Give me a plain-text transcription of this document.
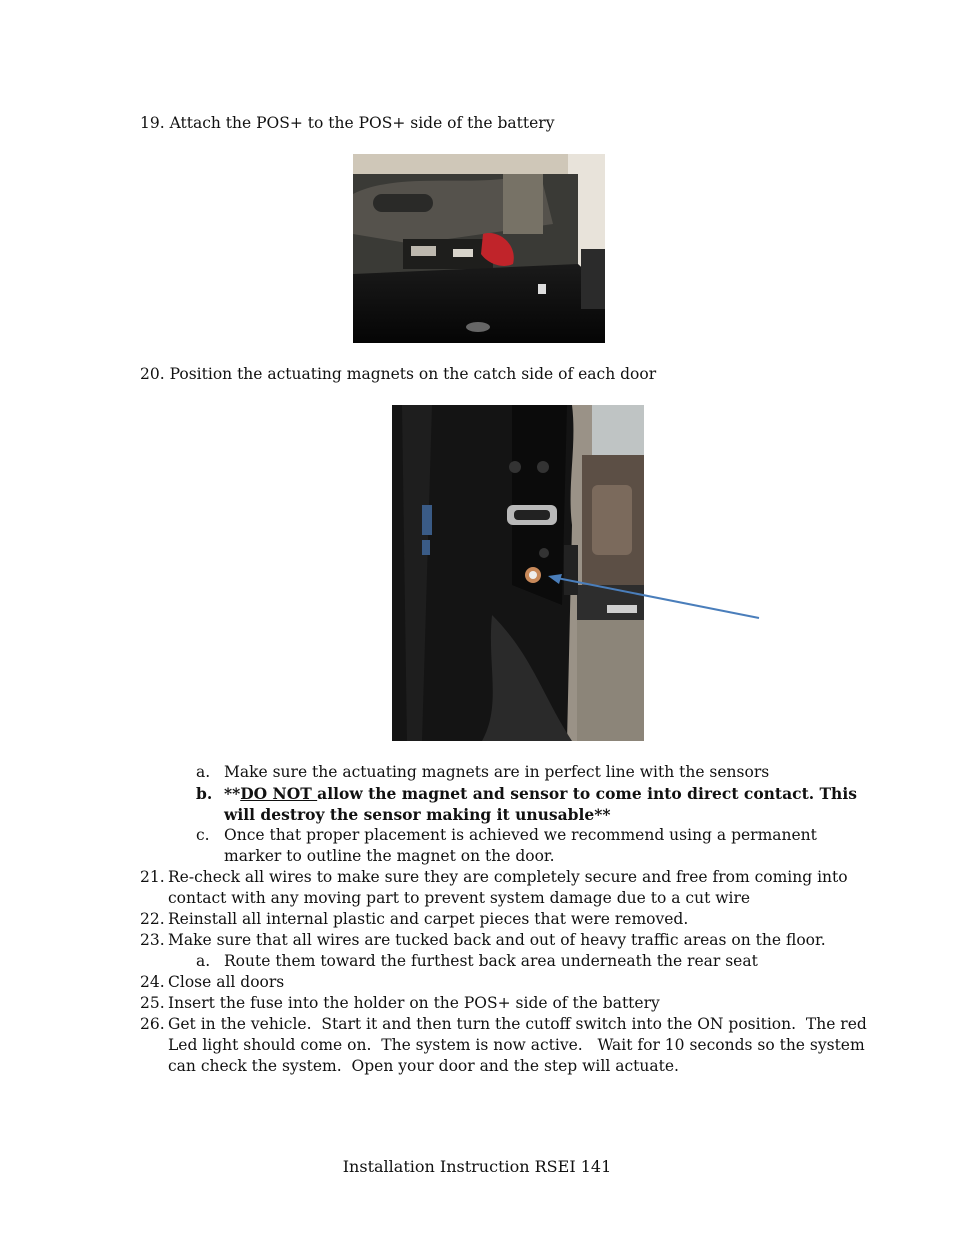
19. Attach the POS+ to the POS+ side of the battery
20. Position the actuating magnets on the catch side of each door
a. Make sure the actuating magnets are in perfect line with the sensors
b. **DO NOT allow the magnet and sensor to come into direct contact. This
will destroy the sensor making it unusable**
c. Once that proper placement is achieved we recommend using a permanent
marker to outline the magnet on the door.
21. Re-check all wires to make sure they are completely secure and free from coming into
contact with any moving part to prevent system damage due to a cut wire
22. Reinstall all internal plastic and carpet pieces that were removed.
23. Make sure that all wires are tucked back and out of heavy traffic areas on the floor.
a. Route them toward the furthest back area underneath the rear seat
24. Close all doors
25. Insert the fuse into the holder on the POS+ side of the battery
26. Get in the vehicle.  Start it and then turn the cutoff switch into the ON position.  The red
Led light should come on.  The system is now active.   Wait for 10 seconds so the system
can check the system.  Open your door and the step will actuate.
Installation Instruction RSEI 141
